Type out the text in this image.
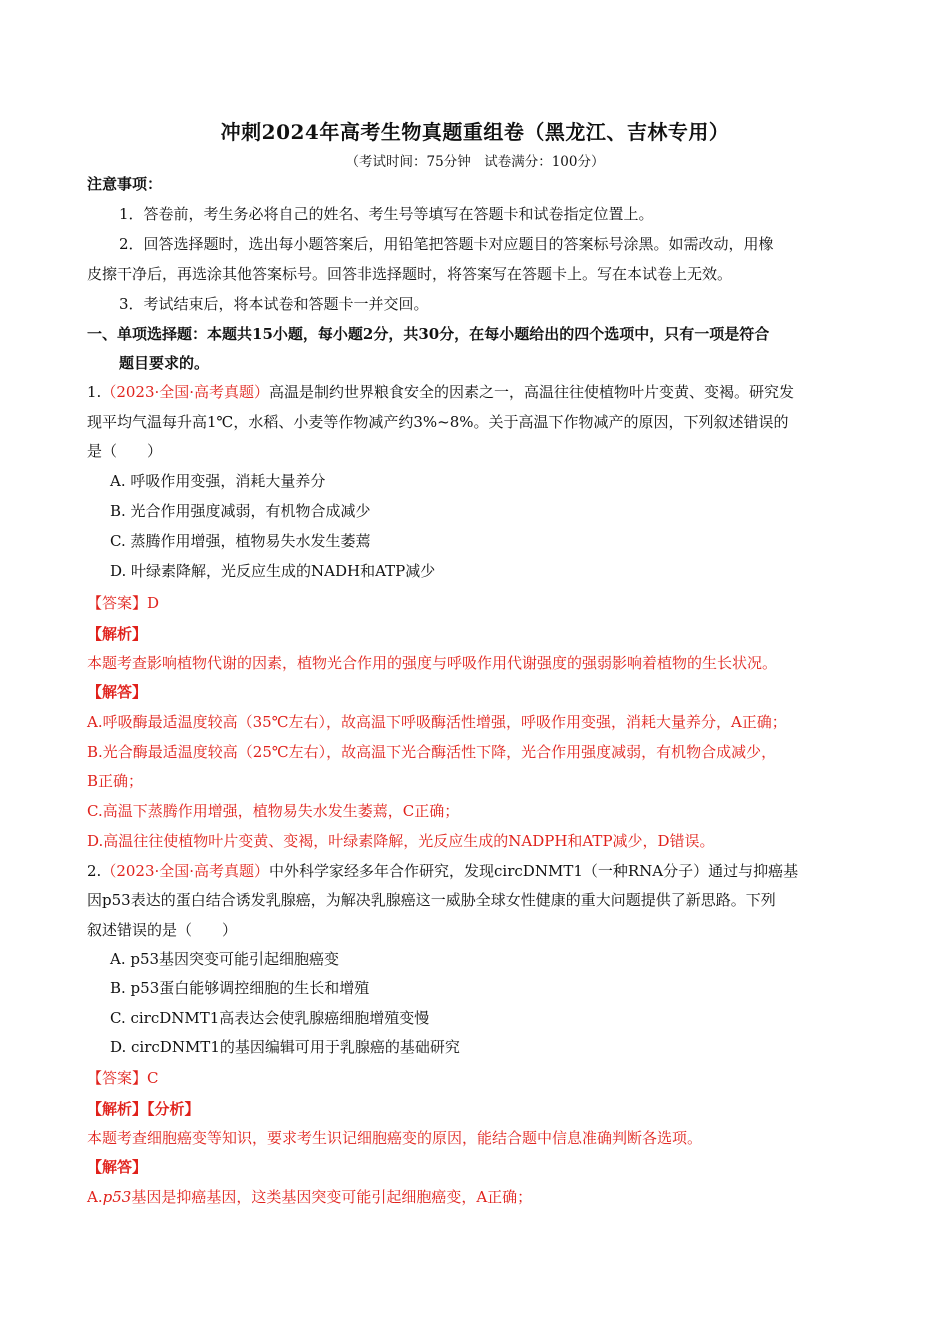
冲刺2024年高考生物真题重组卷（黑龙江、吉林专用）
（考试时间：75分钟　试卷满分：100分）
注意事项：
1．答卷前，考生务必将自己的姓名、考生号等填写在答题卡和试卷指定位置上。
2．回答选择题时，选出每小题答案后，用铅笔把答题卡对应题目的答案标号涂黑。如需改动，用橡
皮擦干净后，再选涂其他答案标号。回答非选择题时，将答案写在答题卡上。写在本试卷上无效。
3．考试结束后，将本试卷和答题卡一并交回。
一、单项选择题：本题共15小题，每小题2分，共30分，在每小题给出的四个选项中，只有一项是符合
题目要求的。
1.（2023·全国·高考真题）高温是制约世界粮食安全的因素之一，高温往往使植物叶片变黄、变褐。研究发
现平均气温每升高1℃，水稻、小麦等作物减产约3%~8%。关于高温下作物减产的原因，下列叙述错误的
是（　　）
A. 呼吸作用变强，消耗大量养分
B. 光合作用强度减弱，有机物合成减少
C. 蒸腾作用增强，植物易失水发生萎蔫
D. 叶绿素降解，光反应生成的NADH和ATP减少
【答案】D
【解析】
本题考查影响植物代谢的因素，植物光合作用的强度与呼吸作用代谢强度的强弱影响着植物的生长状况。
【解答】
A.呼吸酶最适温度较高（35℃左右），故高温下呼吸酶活性增强，呼吸作用变强，消耗大量养分，A正确；
B.光合酶最适温度较高（25℃左右），故高温下光合酶活性下降，光合作用强度减弱，有机物合成减少，
B正确；
C.高温下蒸腾作用增强，植物易失水发生萎蔫，C正确；
D.高温往往使植物叶片变黄、变褐，叶绿素降解，光反应生成的NADPH和ATP减少，D错误。
2.（2023·全国·高考真题）中外科学家经多年合作研究，发现circDNMT1（一种RNA分子）通过与抑癌基
因p53表达的蛋白结合诱发乳腺癌，为解决乳腺癌这一威胁全球女性健康的重大问题提供了新思路。下列
叙述错误的是（　　）
A. p53基因突变可能引起细胞癌变
B. p53蛋白能够调控细胞的生长和增殖
C. circDNMT1高表达会使乳腺癌细胞增殖变慢
D. circDNMT1的基因编辑可用于乳腺癌的基础研究
【答案】C
【解析】【分析】
本题考查细胞癌变等知识，要求考生识记细胞癌变的原因，能结合题中信息准确判断各选项。
【解答】
A.p53基因是抑癌基因，这类基因突变可能引起细胞癌变，A正确；
